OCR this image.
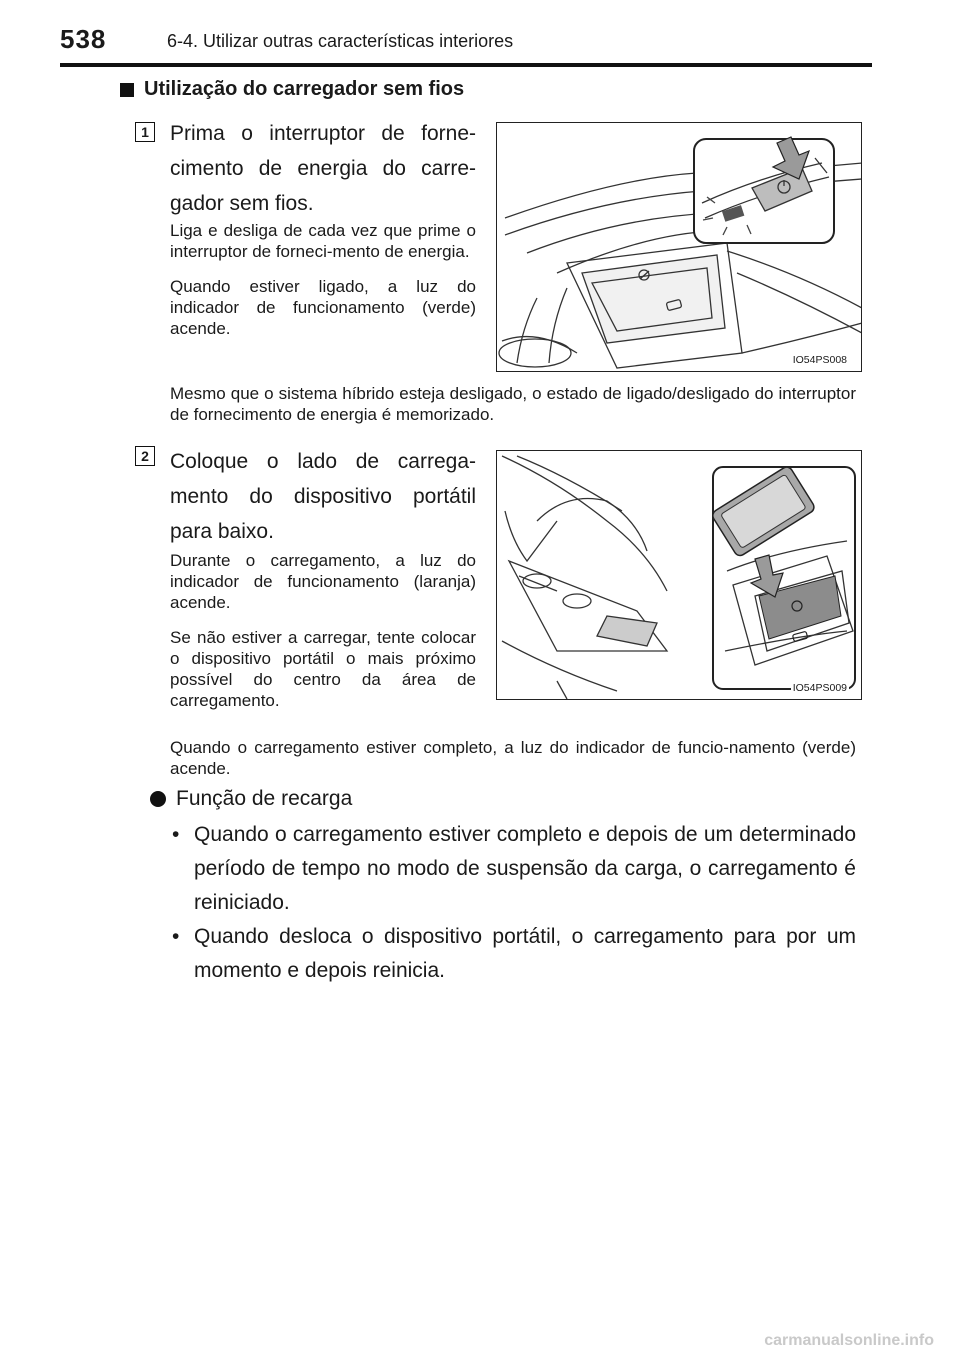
538	6-4. Utilizar outras características interiores
Utilização do carregador sem fios
1 Prima o interruptor de forne-cimento de energia do carre-gador sem fios.

Liga e desliga de cada vez que prime o interruptor de forneci-mento de energia.

Quando estiver ligado, a luz do indicador de funcionamento (verde) acende.

IO54PS008
Mesmo que o sistema híbrido esteja desligado, o estado de ligado/desligado do interruptor de fornecimento de energia é memorizado.
2 Coloque o lado de carrega-mento do dispositivo portátil para baixo.

Durante o carregamento, a luz do indicador de funcionamento (laranja) acende.

Se não estiver a carregar, tente colocar o dispositivo portátil o mais próximo possível do centro da área de carregamento.

IO54PS009
Quando o carregamento estiver completo, a luz do indicador de funcio-namento (verde) acende.
Função de recarga
• Quando o carregamento estiver completo e depois de um determinado período de tempo no modo de suspensão da carga, o carregamento é reiniciado.
• Quando desloca o dispositivo portátil, o carregamento para por um momento e depois reinicia.
carmanualsonline.info
